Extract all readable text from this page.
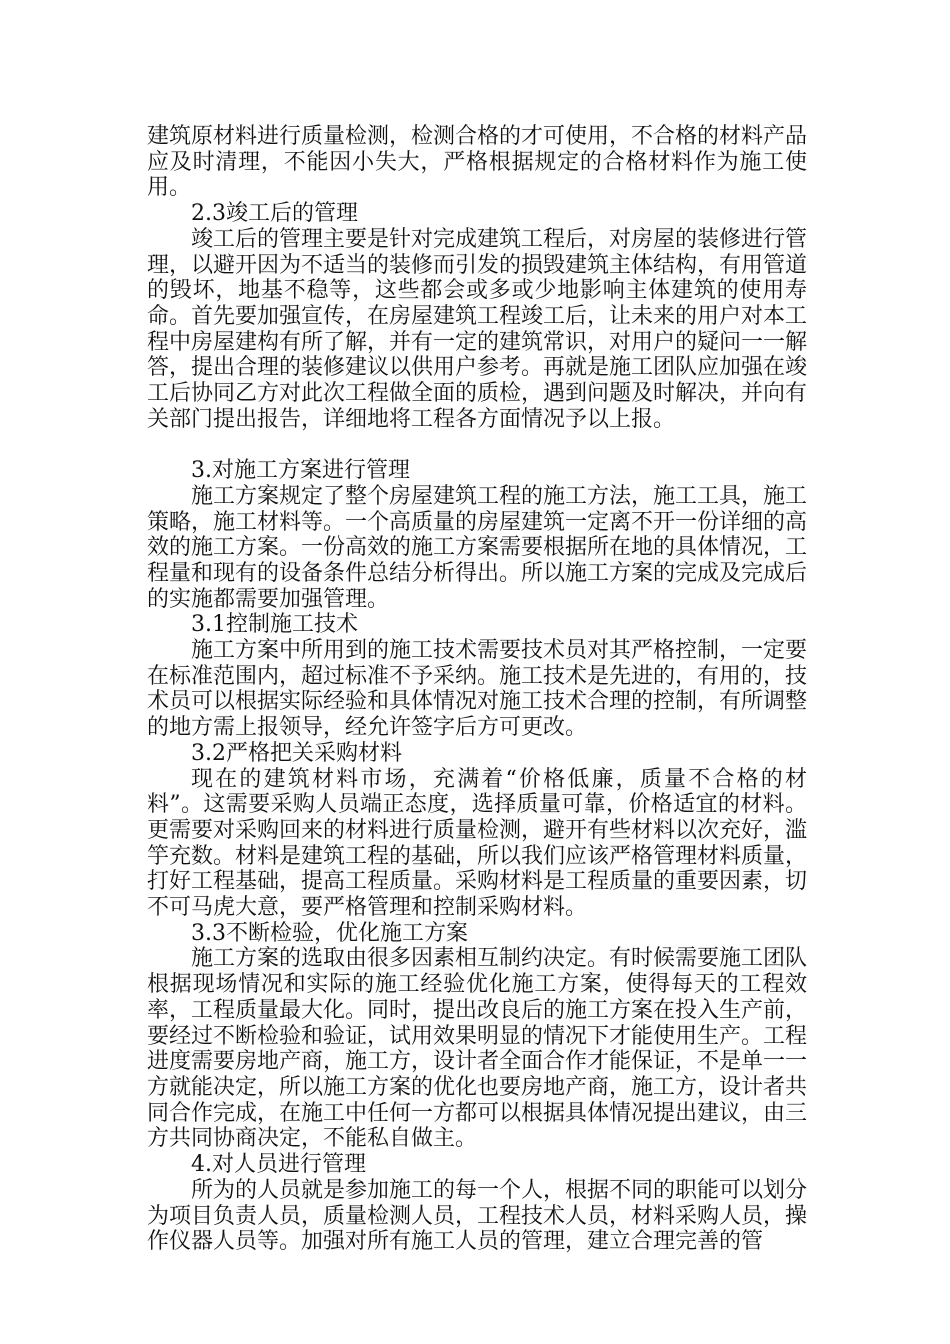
建筑原材料进行质量检测，检测合格的才可使用，不合格的材料产品应及时清理，不能因小失大，严格根据规定的合格材料作为施工使用。

2.3竣工后的管理

竣工后的管理主要是针对完成建筑工程后，对房屋的装修进行管理，以避开因为不适当的装修而引发的损毁建筑主体结构，有用管道的毁坏，地基不稳等，这些都会或多或少地影响主体建筑的使用寿命。首先要加强宣传，在房屋建筑工程竣工后，让未来的用户对本工程中房屋建构有所了解，并有一定的建筑常识，对用户的疑问一一解答，提出合理的装修建议以供用户参考。再就是施工团队应加强在竣工后协同乙方对此次工程做全面的质检，遇到问题及时解决，并向有关部门提出报告，详细地将工程各方面情况予以上报。

3.对施工方案进行管理

施工方案规定了整个房屋建筑工程的施工方法，施工工具，施工策略，施工材料等。一个高质量的房屋建筑一定离不开一份详细的高效的施工方案。一份高效的施工方案需要根据所在地的具体情况，工程量和现有的设备条件总结分析得出。所以施工方案的完成及完成后的实施都需要加强管理。

3.1控制施工技术

施工方案中所用到的施工技术需要技术员对其严格控制，一定要在标准范围内，超过标准不予采纳。施工技术是先进的，有用的，技术员可以根据实际经验和具体情况对施工技术合理的控制，有所调整的地方需上报领导，经允许签字后方可更改。

3.2严格把关采购材料

现在的建筑材料市场，充满着“价格低廉，质量不合格的材料”。这需要采购人员端正态度，选择质量可靠，价格适宜的材料。更需要对采购回来的材料进行质量检测，避开有些材料以次充好，滥竽充数。材料是建筑工程的基础，所以我们应该严格管理材料质量，打好工程基础，提高工程质量。采购材料是工程质量的重要因素，切不可马虎大意，要严格管理和控制采购材料。

3.3不断检验，优化施工方案

施工方案的选取由很多因素相互制约决定。有时候需要施工团队根据现场情况和实际的施工经验优化施工方案，使得每天的工程效率，工程质量最大化。同时，提出改良后的施工方案在投入生产前，要经过不断检验和验证，试用效果明显的情况下才能使用生产。工程进度需要房地产商，施工方，设计者全面合作才能保证，不是单一一方就能决定，所以施工方案的优化也要房地产商，施工方，设计者共同合作完成，在施工中任何一方都可以根据具体情况提出建议，由三方共同协商决定，不能私自做主。

4.对人员进行管理

所为的人员就是参加施工的每一个人，根据不同的职能可以划分为项目负责人员，质量检测人员，工程技术人员，材料采购人员，操作仪器人员等。加强对所有施工人员的管理，建立合理完善的管
